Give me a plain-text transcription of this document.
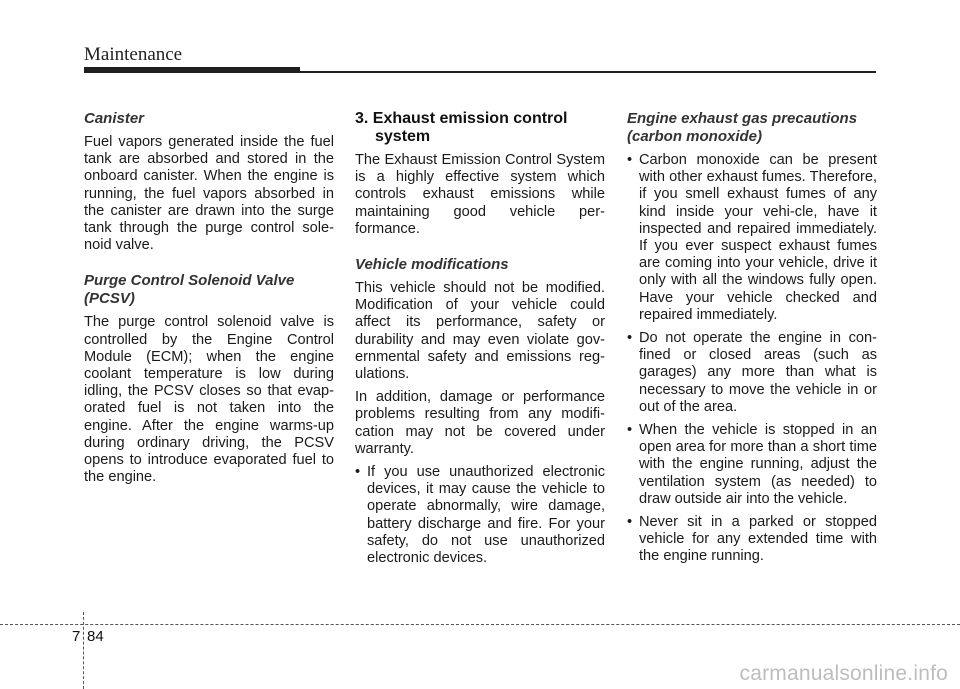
Maintenance
Canister

Fuel vapors generated inside the fuel tank are absorbed and stored in the onboard canister. When the engine is running, the fuel vapors absorbed in the canister are drawn into the surge tank through the purge control sole-noid valve.

Purge Control Solenoid Valve (PCSV)

The purge control solenoid valve is controlled by the Engine Control Module (ECM); when the engine coolant temperature is low during idling, the PCSV closes so that evap-orated fuel is not taken into the engine. After the engine warms-up during ordinary driving, the PCSV opens to introduce evaporated fuel to the engine.

3. Exhaust emission control system

The Exhaust Emission Control System is a highly effective system which controls exhaust emissions while maintaining good vehicle per-formance.

Vehicle modifications

This vehicle should not be modified. Modification of your vehicle could affect its performance, safety or durability and may even violate gov-ernmental safety and emissions reg-ulations.

In addition, damage or performance problems resulting from any modifi-cation may not be covered under warranty.

• If you use unauthorized electronic devices, it may cause the vehicle to operate abnormally, wire damage, battery discharge and fire. For your safety, do not use unauthorized electronic devices.
Engine exhaust gas precautions (carbon monoxide)
• Carbon monoxide can be present with other exhaust fumes. Therefore, if you smell exhaust fumes of any kind inside your vehi-cle, have it inspected and repaired immediately. If you ever suspect exhaust fumes are coming into your vehicle, drive it only with all the windows fully open. Have your vehicle checked and repaired immediately.
• Do not operate the engine in con-fined or closed areas (such as garages) any more than what is necessary to move the vehicle in or out of the area.
• When the vehicle is stopped in an open area for more than a short time with the engine running, adjust the ventilation system (as needed) to draw outside air into the vehicle.
• Never sit in a parked or stopped vehicle for any extended time with the engine running.
7 84
carmanualsonline.info
